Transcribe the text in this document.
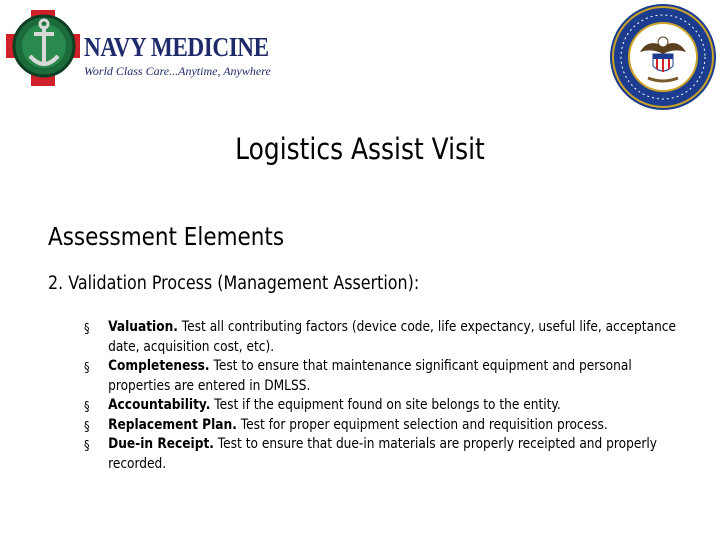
NAVY MEDICINE
World Class Care...Anytime, Anywhere
Logistics Assist Visit
Assessment Elements
2. Validation Process (Management Assertion):
§ Valuation. Test all contributing factors (device code, life expectancy, useful life, acceptance date, acquisition cost, etc).
§ Completeness. Test to ensure that maintenance significant equipment and personal properties are entered in DMLSS.
§ Accountability. Test if the equipment found on site belongs to the entity.
§ Replacement Plan. Test for proper equipment selection and requisition process.
§ Due-in Receipt. Test to ensure that due-in materials are properly receipted and properly recorded.
